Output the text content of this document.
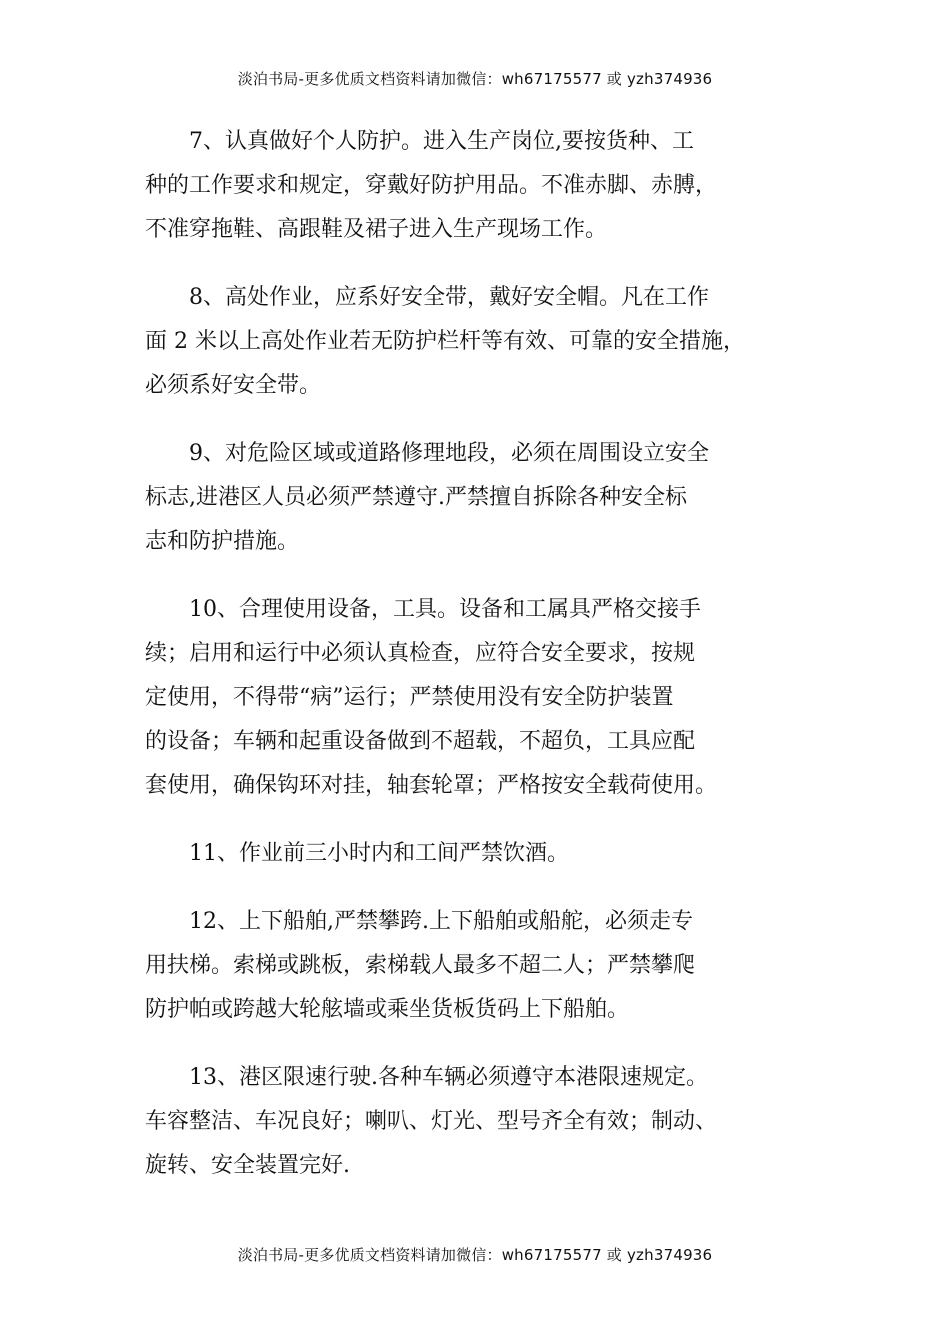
淡泊书局-更多优质文档资料请加微信：wh67175577 或 yzh374936
7、认真做好个人防护。进入生产岗位,要按货种、工
种的工作要求和规定，穿戴好防护用品。不准赤脚、赤膊，
不准穿拖鞋、高跟鞋及裙子进入生产现场工作。
8、高处作业，应系好安全带，戴好安全帽。凡在工作
面 2 米以上高处作业若无防护栏杆等有效、可靠的安全措施，
必须系好安全带。
9、对危险区域或道路修理地段，必须在周围设立安全
标志,进港区人员必须严禁遵守.严禁擅自拆除各种安全标
志和防护措施。
10、合理使用设备，工具。设备和工属具严格交接手
续；启用和运行中必须认真检查，应符合安全要求，按规
定使用，不得带“病”运行；严禁使用没有安全防护装置
的设备；车辆和起重设备做到不超载，不超负，工具应配
套使用，确保钩环对挂，轴套轮罩；严格按安全载荷使用。
11、作业前三小时内和工间严禁饮酒。
12、上下船舶,严禁攀跨.上下船舶或船舵，必须走专
用扶梯。索梯或跳板，索梯载人最多不超二人；严禁攀爬
防护帕或跨越大轮舷墙或乘坐货板货码上下船舶。
13、港区限速行驶.各种车辆必须遵守本港限速规定。
车容整洁、车况良好；喇叭、灯光、型号齐全有效；制动、
旋转、安全装置完好.
淡泊书局-更多优质文档资料请加微信：wh67175577 或 yzh374936
